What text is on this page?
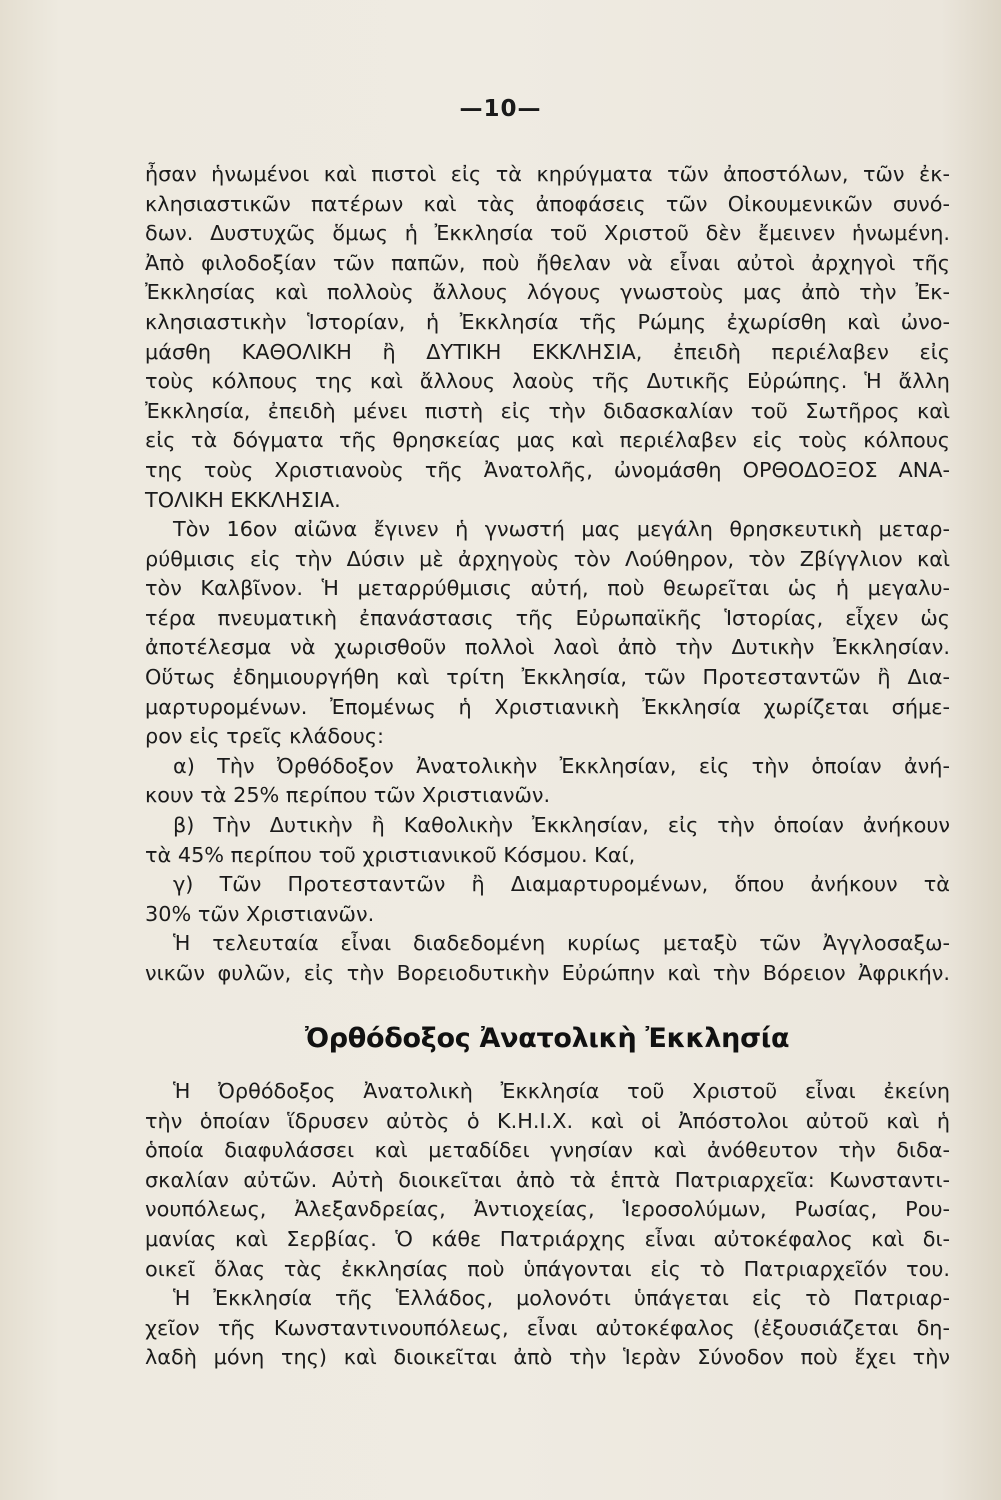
—10—
ἦσαν ἡνωμένοι καὶ πιστοὶ εἰς τὰ κηρύγματα τῶν ἀποστόλων, τῶν ἐκ-
κλησιαστικῶν πατέρων καὶ τὰς ἀποφάσεις τῶν Οἰκουμενικῶν συνό-
δων. Δυστυχῶς ὅμως ἡ Ἐκκλησία τοῦ Χριστοῦ δὲν ἔμεινεν ἡνωμένη.
Ἀπὸ φιλοδοξίαν τῶν παπῶν, ποὺ ἤθελαν νὰ εἶναι αὐτοὶ ἀρχηγοὶ τῆς
Ἐκκλησίας καὶ πολλοὺς ἄλλους λόγους γνωστοὺς μας ἀπὸ τὴν Ἐκ-
κλησιαστικὴν Ἱστορίαν, ἡ Ἐκκλησία τῆς Ρώμης ἐχωρίσθη καὶ ὠνο-
μάσθη ΚΑΘΟΛΙΚΗ ἢ ΔΥΤΙΚΗ ΕΚΚΛΗΣΙΑ, ἐπειδὴ περιέλαβεν εἰς
τοὺς κόλπους της καὶ ἄλλους λαοὺς τῆς Δυτικῆς Εὐρώπης. Ἡ ἄλλη
Ἐκκλησία, ἐπειδὴ μένει πιστὴ εἰς τὴν διδασκαλίαν τοῦ Σωτῆρος καὶ
εἰς τὰ δόγματα τῆς θρησκείας μας καὶ περιέλαβεν εἰς τοὺς κόλπους
της τοὺς Χριστιανοὺς τῆς Ἀνατολῆς, ὠνομάσθη ΟΡΘΟΔΟΞΟΣ ΑΝΑ-
ΤΟΛΙΚΗ ΕΚΚΛΗΣΙΑ.
Τὸν 16ον αἰῶνα ἔγινεν ἡ γνωστή μας μεγάλη θρησκευτικὴ μεταρ-
ρύθμισις εἰς τὴν Δύσιν μὲ ἀρχηγοὺς τὸν Λούθηρον, τὸν Ζβίγγλιον καὶ
τὸν Καλβῖνον. Ἡ μεταρρύθμισις αὐτή, ποὺ θεωρεῖται ὡς ἡ μεγαλυ-
τέρα πνευματικὴ ἐπανάστασις τῆς Εὐρωπαϊκῆς Ἱστορίας, εἶχεν ὡς
ἀποτέλεσμα νὰ χωρισθοῦν πολλοὶ λαοὶ ἀπὸ τὴν Δυτικὴν Ἐκκλησίαν.
Οὕτως ἐδημιουργήθη καὶ τρίτη Ἐκκλησία, τῶν Προτεσταντῶν ἢ Δια-
μαρτυρομένων. Ἐπομένως ἡ Χριστιανικὴ Ἐκκλησία χωρίζεται σήμε-
ρον εἰς τρεῖς κλάδους:
α) Τὴν Ὀρθόδοξον Ἀνατολικὴν Ἐκκλησίαν, εἰς τὴν ὁποίαν ἀνή-
κουν τὰ 25% περίπου τῶν Χριστιανῶν.
β) Τὴν Δυτικὴν ἢ Καθολικὴν Ἐκκλησίαν, εἰς τὴν ὁποίαν ἀνήκουν
τὰ 45% περίπου τοῦ χριστιανικοῦ Κόσμου. Καί,
γ) Τῶν Προτεσταντῶν ἢ Διαμαρτυρομένων, ὅπου ἀνήκουν τὰ
30% τῶν Χριστιανῶν.
Ἡ τελευταία εἶναι διαδεδομένη κυρίως μεταξὺ τῶν Ἀγγλοσαξω-
νικῶν φυλῶν, εἰς τὴν Βορειοδυτικὴν Εὐρώπην καὶ τὴν Βόρειον Ἀφρικήν.
Ὀρθόδοξος Ἀνατολικὴ Ἐκκλησία
Ἡ Ὀρθόδοξος Ἀνατολικὴ Ἐκκλησία τοῦ Χριστοῦ εἶναι ἐκείνη
τὴν ὁποίαν ἵδρυσεν αὐτὸς ὁ Κ.Η.Ι.Χ. καὶ οἱ Ἀπόστολοι αὐτοῦ καὶ ἡ
ὁποία διαφυλάσσει καὶ μεταδίδει γνησίαν καὶ ἀνόθευτον τὴν διδα-
σκαλίαν αὐτῶν. Αὐτὴ διοικεῖται ἀπὸ τὰ ἑπτὰ Πατριαρχεῖα: Κωνσταντι-
νουπόλεως, Ἀλεξανδρείας, Ἀντιοχείας, Ἱεροσολύμων, Ρωσίας, Ρου-
μανίας καὶ Σερβίας. Ὁ κάθε Πατριάρχης εἶναι αὐτοκέφαλος καὶ δι-
οικεῖ ὅλας τὰς ἐκκλησίας ποὺ ὑπάγονται εἰς τὸ Πατριαρχεῖόν του.
Ἡ Ἐκκλησία τῆς Ἑλλάδος, μολονότι ὑπάγεται εἰς τὸ Πατριαρ-
χεῖον τῆς Κωνσταντινουπόλεως, εἶναι αὐτοκέφαλος (ἐξουσιάζεται δη-
λαδὴ μόνη της) καὶ διοικεῖται ἀπὸ τὴν Ἱερὰν Σύνοδον ποὺ ἔχει τὴν
